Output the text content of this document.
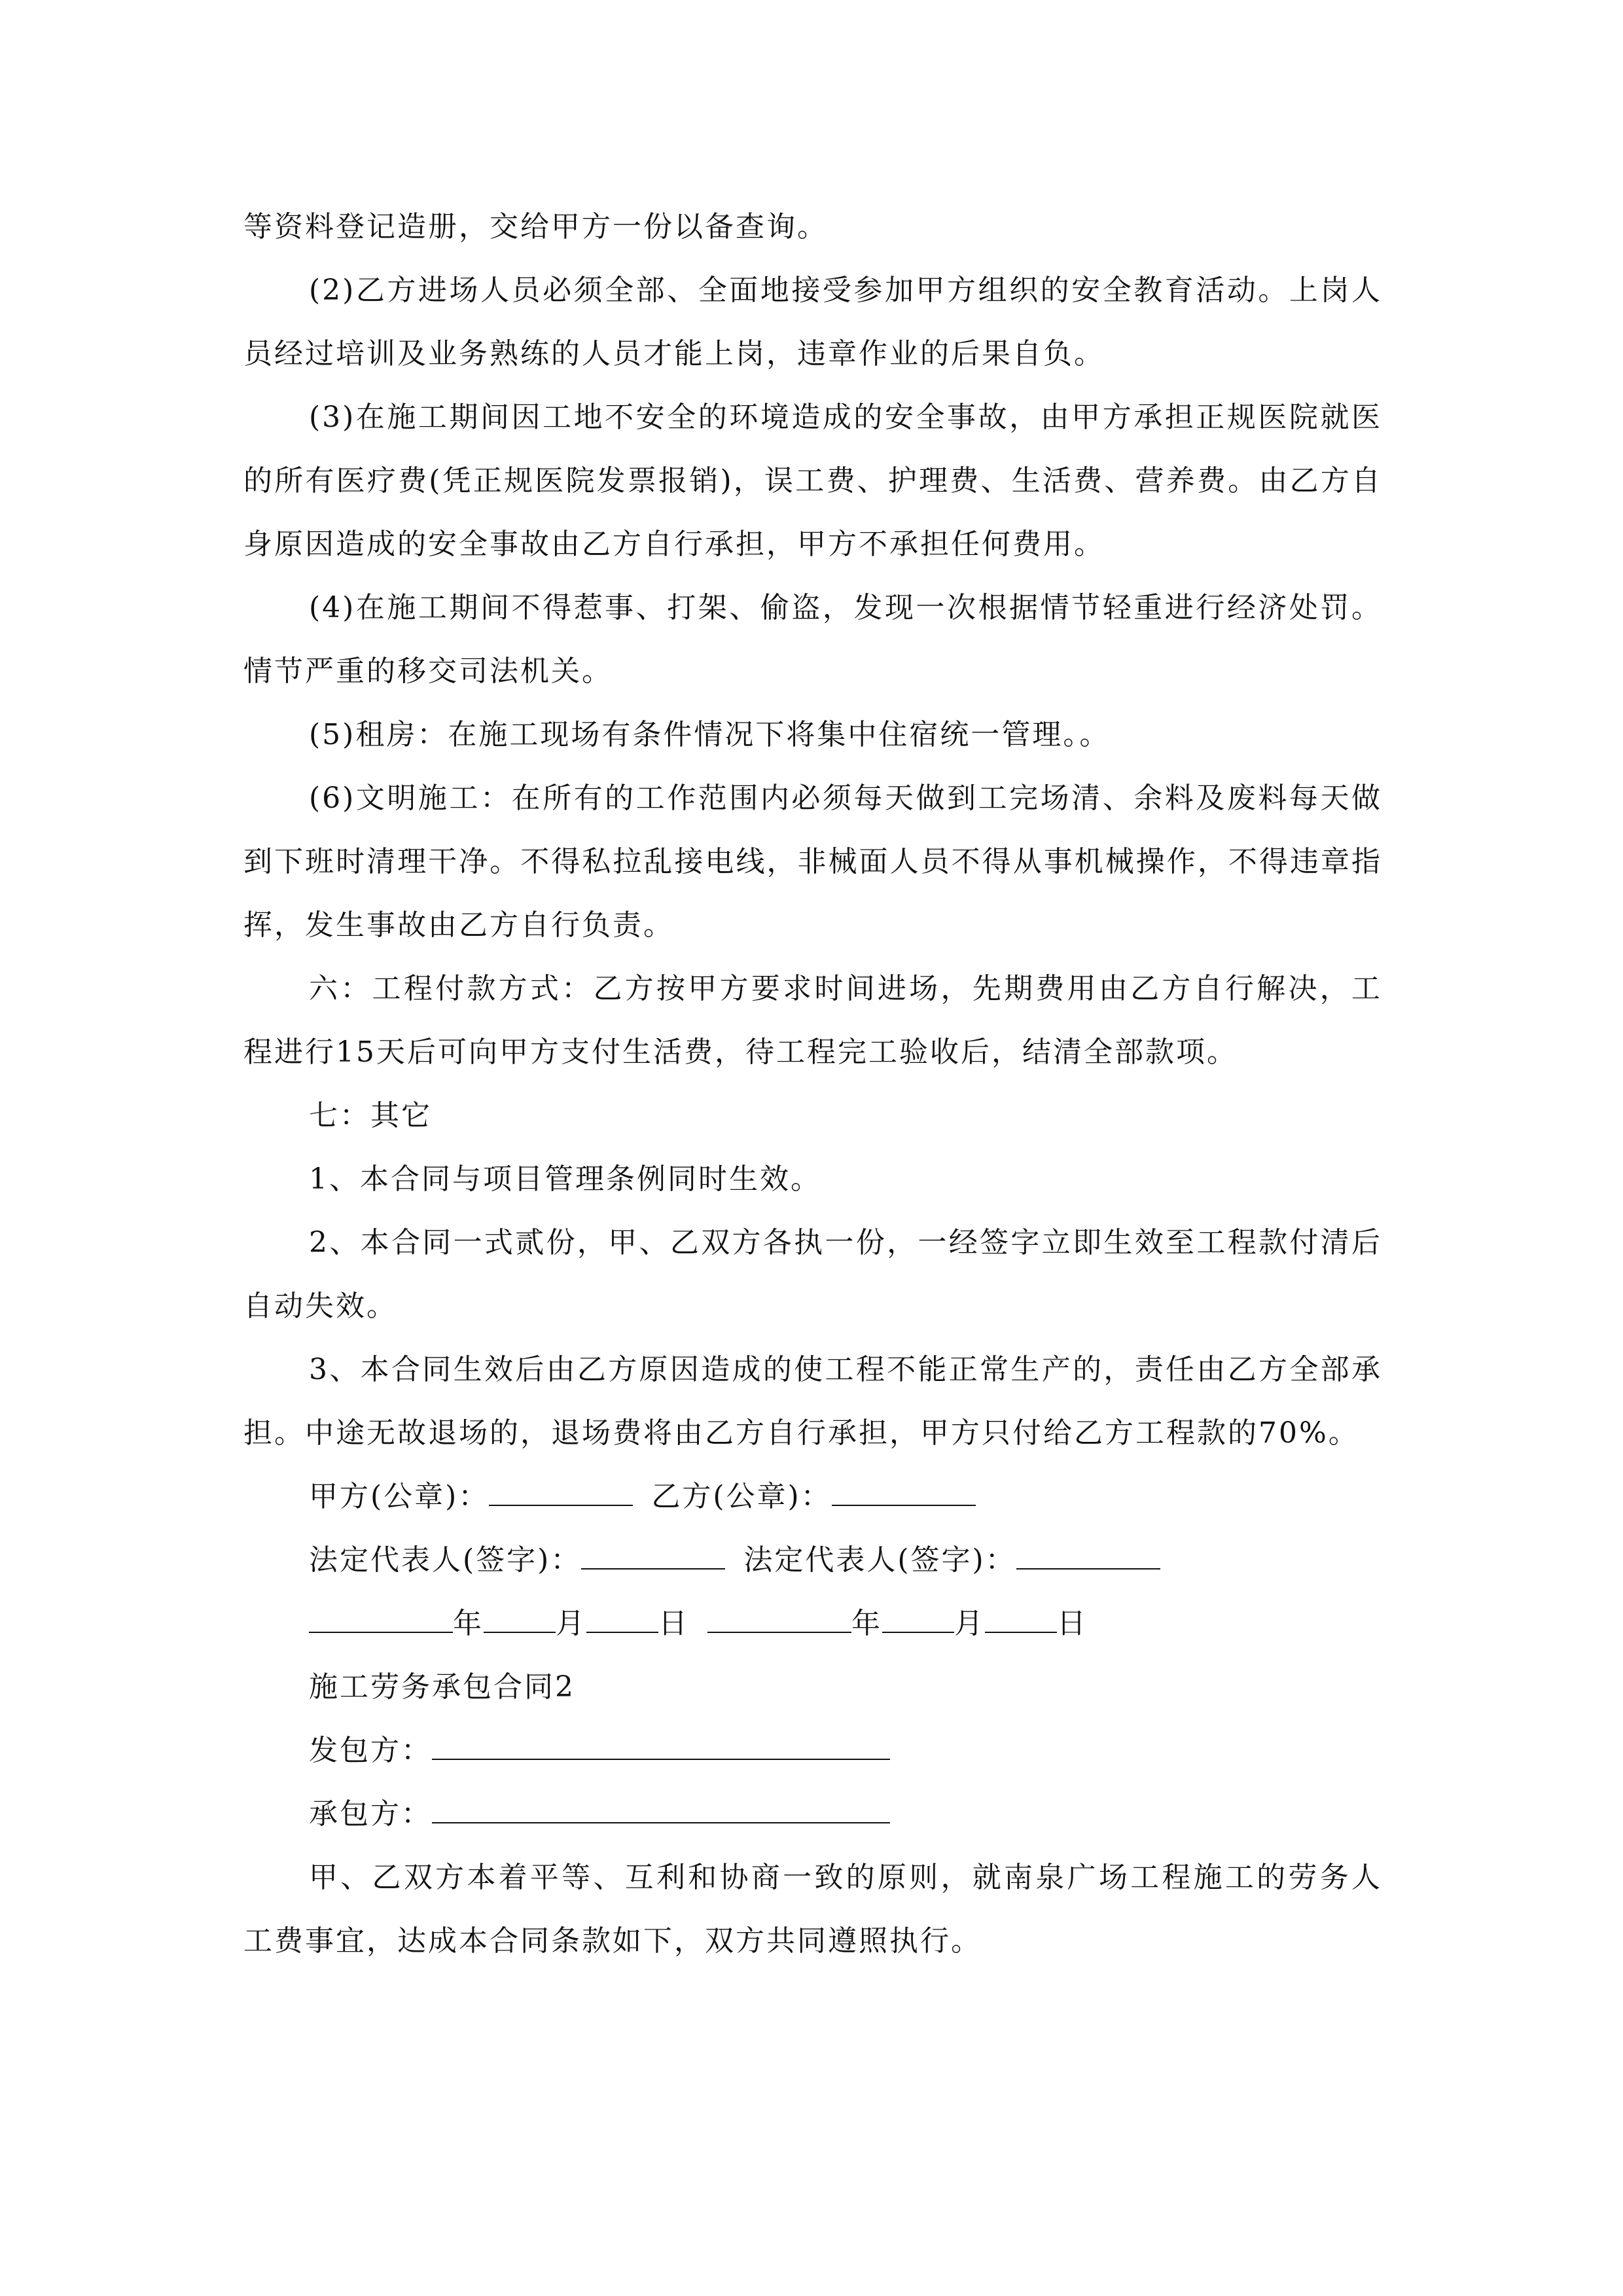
等资料登记造册，交给甲方一份以备查询。

(2)乙方进场人员必须全部、全面地接受参加甲方组织的安全教育活动。上岗人员经过培训及业务熟练的人员才能上岗，违章作业的后果自负。

(3)在施工期间因工地不安全的环境造成的安全事故，由甲方承担正规医院就医的所有医疗费(凭正规医院发票报销)，误工费、护理费、生活费、营养费。由乙方自身原因造成的安全事故由乙方自行承担，甲方不承担任何费用。

(4)在施工期间不得惹事、打架、偷盗，发现一次根据情节轻重进行经济处罚。情节严重的移交司法机关。

(5)租房：在施工现场有条件情况下将集中住宿统一管理。。

(6)文明施工：在所有的工作范围内必须每天做到工完场清、余料及废料每天做到下班时清理干净。不得私拉乱接电线，非械面人员不得从事机械操作，不得违章指挥，发生事故由乙方自行负责。

六：工程付款方式：乙方按甲方要求时间进场，先期费用由乙方自行解决，工程进行15天后可向甲方支付生活费，待工程完工验收后，结清全部款项。

七：其它

1、本合同与项目管理条例同时生效。

2、本合同一式贰份，甲、乙双方各执一份，一经签字立即生效至工程款付清后自动失效。

3、本合同生效后由乙方原因造成的使工程不能正常生产的，责任由乙方全部承担。中途无故退场的，退场费将由乙方自行承担，甲方只付给乙方工程款的70%。

甲方(公章)：	乙方(公章)：
法定代表人(签字)：	法定代表人(签字)：
年	月	日	年	月	日

施工劳务承包合同2

发包方：
承包方：

甲、乙双方本着平等、互利和协商一致的原则，就南泉广场工程施工的劳务人工费事宜，达成本合同条款如下，双方共同遵照执行。
